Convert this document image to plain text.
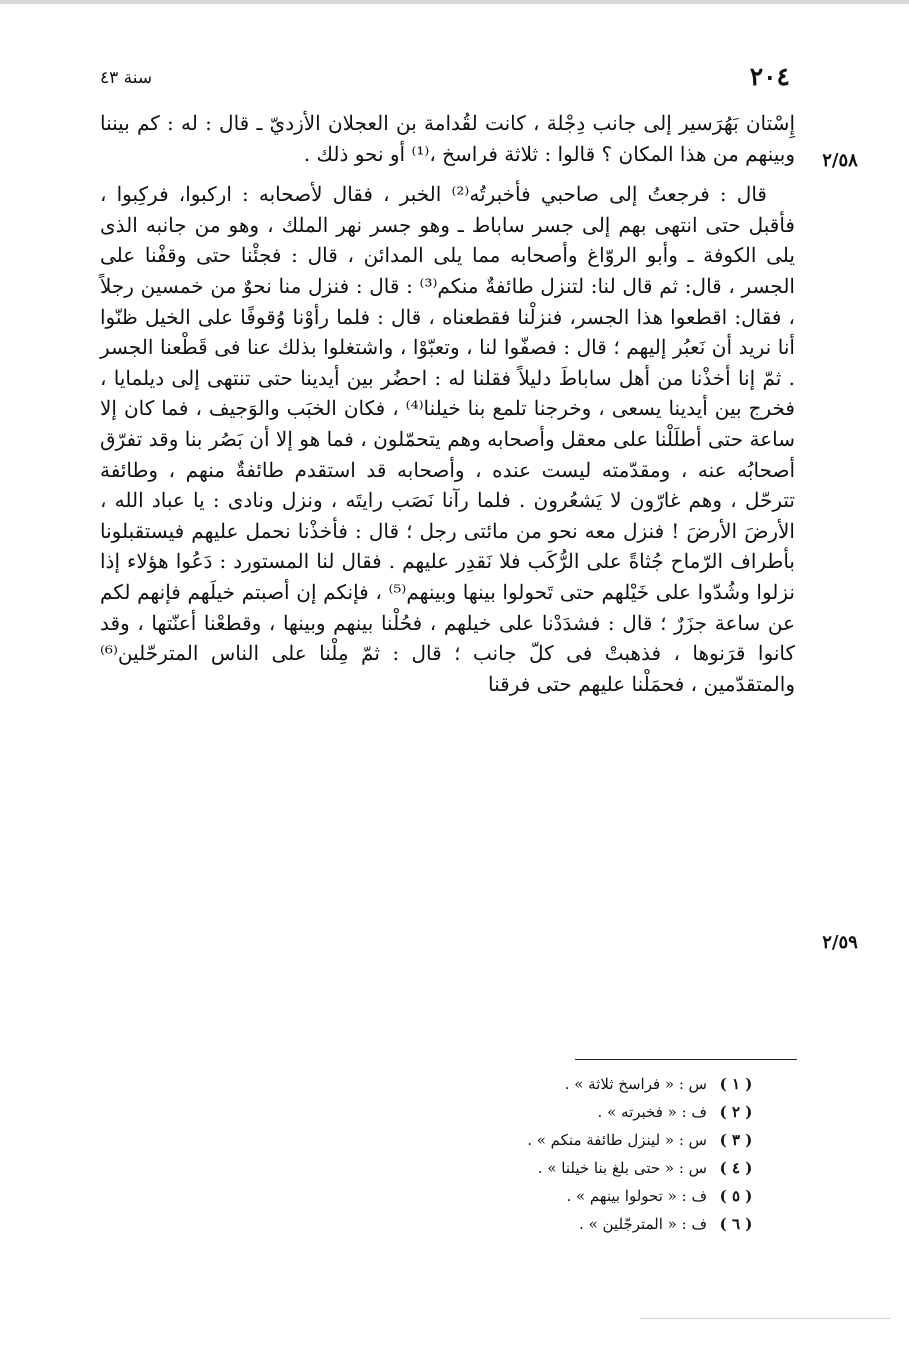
٢٠٤
سنة ٤٣
٢/٥٨
٢/٥٩

إِسْتان بَهُرَسير إلى جانب دِجْلة ، كانت لقُدامة بن العجلان الأزديّ ـ قال : له : كم بيننا وبينهم من هذا المكان ؟ قالوا : ثلاثة فراسخ ،⁽¹⁾ أو نحو ذلك .

قال : فرجعتُ إلى صاحبي فأخبرتُه⁽²⁾ الخبر ، فقال لأصحابه : اركبوا، فركِبوا ، فأقبل حتى انتهى بهم إلى جسر ساباط ـ وهو جسر نهر الملك ، وهو من جانبه الذى يلى الكوفة ـ وأبو الروّاغ وأصحابه مما يلى المدائن ، قال : فجئْنا حتى وقفْنا على الجسر ، قال: ثم قال لنا: لتنزل طائفةٌ منكم⁽³⁾ : قال : فنزل منا نحوٌ من خمسين رجلاً ، فقال: اقطعوا هذا الجسر، فنزلْنا فقطعناه ، قال : فلما رأوْنا وُقوفًا على الخيل ظنّوا أنا نريد أن نَعبُر إليهم ؛ قال : فصفّوا لنا ، وتعبّوْا ، واشتغلوا بذلك عنا فى قَطْعنا الجسر . ثمّ إنا أخذْنا من أهل ساباطَ دليلاً فقلنا له : احضُر بين أيدينا حتى تنتهى إلى ديلمايا ، فخرج بين أيدينا يسعى ، وخرجنا تلمع بنا خيلنا⁽⁴⁾ ، فكان الخبَب والوَجيف ، فما كان إلا ساعة حتى أطلَلْنا على معقل وأصحابه وهم يتحمّلون ، فما هو إلا أن بَصُر بنا وقد تفرّق أصحابُه عنه ، ومقدّمته ليست عنده ، وأصحابه قد استقدم طائفةٌ منهم ، وطائفة تترحّل ، وهم غارّون لا يَشعُرون . فلما رآنا نَصَب رايتَه ، ونزل ونادى : يا عباد الله ، الأرضَ الأرضَ ! فنزل معه نحو من مائتى رجل ؛ قال : فأخذْنا نحمل عليهم فيستقبلونا بأطراف الرّماح جُثاةً على الرُّكَب فلا نَقدِر عليهم . فقال لنا المستورد : دَعُوا هؤلاء إذا نزلوا وشُدّوا على خَيْلهم حتى تَحولوا بينها وبينهم⁽⁵⁾ ، فإنكم إن أصبتم خيلَهم فإنهم لكم عن ساعة جزَرٌ ؛ قال : فشدَدْنا على خيلهم ، فحُلْنا بينهم وبينها ، وقطعْنا أعنّتها ، وقد كانوا قرَنوها ، فذهبتْ فى كلّ جانب ؛ قال : ثمّ مِلْنا على الناس المترحّلين⁽⁶⁾ والمتقدّمين ، فحمَلْنا عليهم حتى فرقنا

( ١ )
س : « فراسخ ثلاثة » .
( ٢ )
ف : « فخبرته » .
( ٣ )
س : « لينزل طائفة منكم » .
( ٤ )
س : « حتى بلغ بنا خيلنا » .
( ٥ )
ف : « تحولوا بينهم » .
( ٦ )
ف : « المترجّلين » .
